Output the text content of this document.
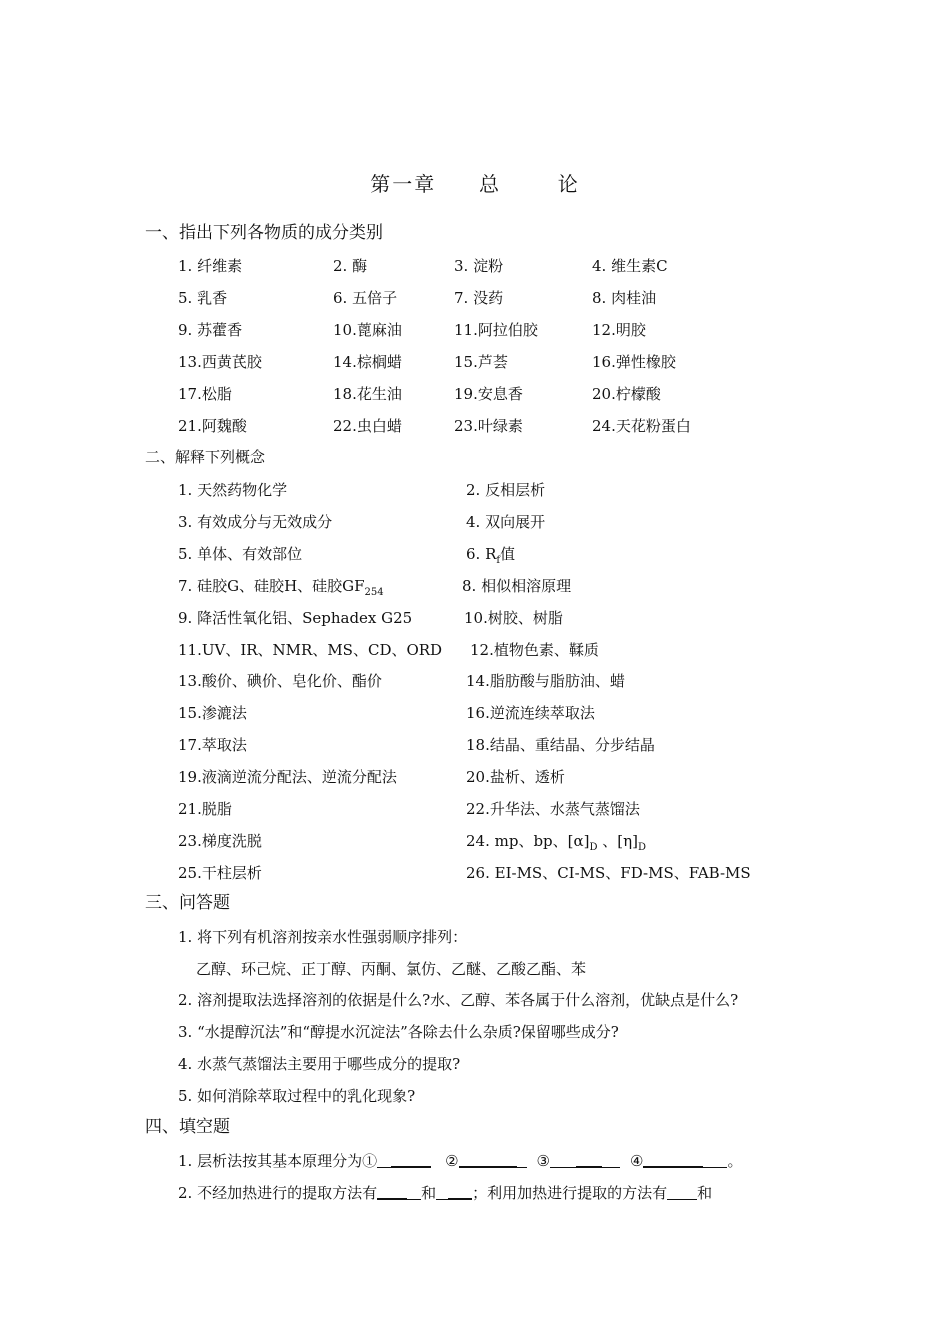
第一章 总	论
一、指出下列各物质的成分类别
1. 纤维素	2. 酶	3. 淀粉	4. 维生素C
5. 乳香	6. 五倍子	7. 没药	8. 肉桂油
9. 苏藿香	10.蓖麻油	11.阿拉伯胶	12.明胶
13.西黄芪胶	14.棕榈蜡	15.芦荟	16.弹性橡胶
17.松脂	18.花生油	19.安息香	20.柠檬酸
21.阿魏酸	22.虫白蜡	23.叶绿素	24.天花粉蛋白
二、解释下列概念
1. 天然药物化学	2. 反相层析
3. 有效成分与无效成分	4. 双向展开
5. 单体、有效部位	6. $R_f$值
7. 硅胶G、硅胶H、硅胶$GF_{254}$	8. 相似相溶原理
9. 降活性氧化铝、Sephadex G25	10.树胶、树脂
11.UV、IR、NMR、MS、CD、ORD 12.植物色素、鞣质
13.酸价、碘价、皂化价、酯价	14.脂肪酸与脂肪油、蜡
15.渗漉法	16.逆流连续萃取法
17.萃取法	18.结晶、重结晶、分步结晶
19.液滴逆流分配法、逆流分配法	20.盐析、透析
21.脱脂	22.升华法、水蒸气蒸馏法
23.梯度洗脱	24. mp、bp、$[\alpha]_D$ 、$[\eta]_D$
25.干柱层析	26. EI-MS、CI-MS、FD-MS、FAB-MS
三、问答题
1. 将下列有机溶剂按亲水性强弱顺序排列：
乙醇、环己烷、正丁醇、丙酮、氯仿、乙醚、乙酸乙酯、苯
2. 溶剂提取法选择溶剂的依据是什么?水、乙醇、苯各属于什么溶剂，优缺点是什么?
3. “水提醇沉法”和“醇提水沉淀法”各除去什么杂质?保留哪些成分?
4. 水蒸气蒸馏法主要用于哪些成分的提取?
5. 如何消除萃取过程中的乳化现象?
四、填空题
1. 层析法按其基本原理分为①	②	③	④	。
2. 不经加热进行的提取方法有	和 ；利用加热进行提取的方法有 和
